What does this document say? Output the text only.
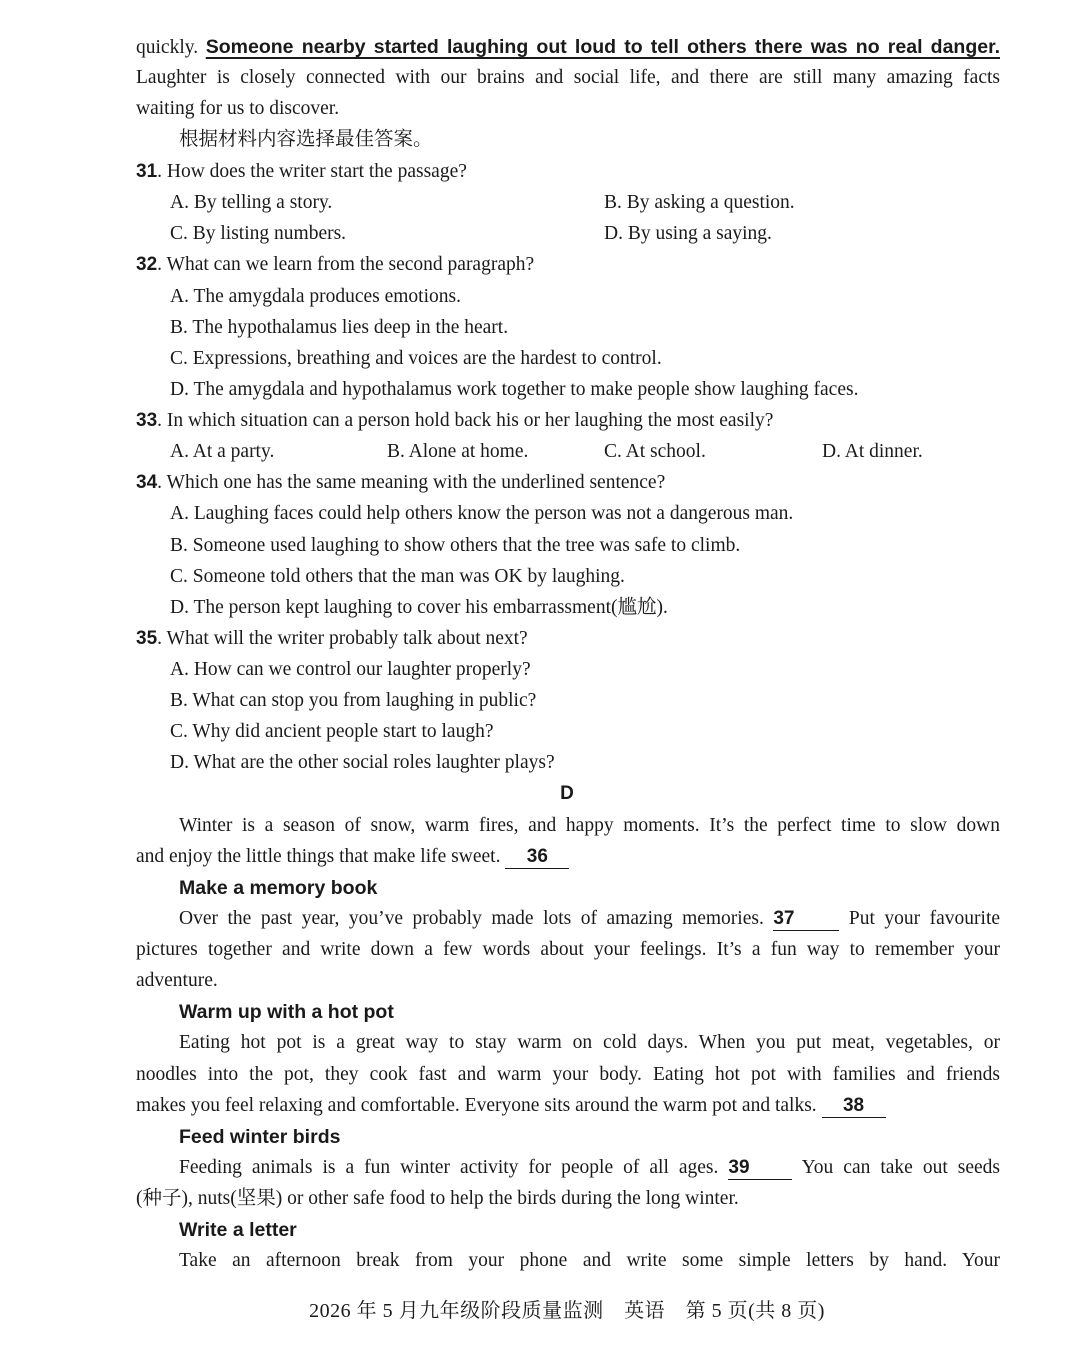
quickly. Someone nearby started laughing out loud to tell others there was no real danger.
Laughter is closely connected with our brains and social life, and there are still many amazing facts
waiting for us to discover.
根据材料内容选择最佳答案。
31. How does the writer start the passage?
A. By telling a story.	B. By asking a question.
C. By listing numbers.	D. By using a saying.
32. What can we learn from the second paragraph?
A. The amygdala produces emotions.
B. The hypothalamus lies deep in the heart.
C. Expressions, breathing and voices are the hardest to control.
D. The amygdala and hypothalamus work together to make people show laughing faces.
33. In which situation can a person hold back his or her laughing the most easily?
A. At a party.	B. Alone at home.	C. At school.	D. At dinner.
34. Which one has the same meaning with the underlined sentence?
A. Laughing faces could help others know the person was not a dangerous man.
B. Someone used laughing to show others that the tree was safe to climb.
C. Someone told others that the man was OK by laughing.
D. The person kept laughing to cover his embarrassment(尴尬).
35. What will the writer probably talk about next?
A. How can we control our laughter properly?
B. What can stop you from laughing in public?
C. Why did ancient people start to laugh?
D. What are the other social roles laughter plays?
D
Winter is a season of snow, warm fires, and happy moments. It’s the perfect time to slow down
and enjoy the little things that make life sweet. 36
Make a memory book
Over the past year, you’ve probably made lots of amazing memories. 37	Put your favourite
pictures together and write down a few words about your feelings. It’s a fun way to remember your
adventure.
Warm up with a hot pot
Eating hot pot is a great way to stay warm on cold days. When you put meat, vegetables, or
noodles into the pot, they cook fast and warm your body. Eating hot pot with families and friends
makes you feel relaxing and comfortable. Everyone sits around the warm pot and talks. 38
Feed winter birds
Feeding animals is a fun winter activity for people of all ages. 39	You can take out seeds
(种子), nuts(坚果) or other safe food to help the birds during the long winter.
Write a letter
Take an afternoon break from your phone and write some simple letters by hand. Your
2026 年 5 月九年级阶段质量监测　英语　第 5 页(共 8 页)
